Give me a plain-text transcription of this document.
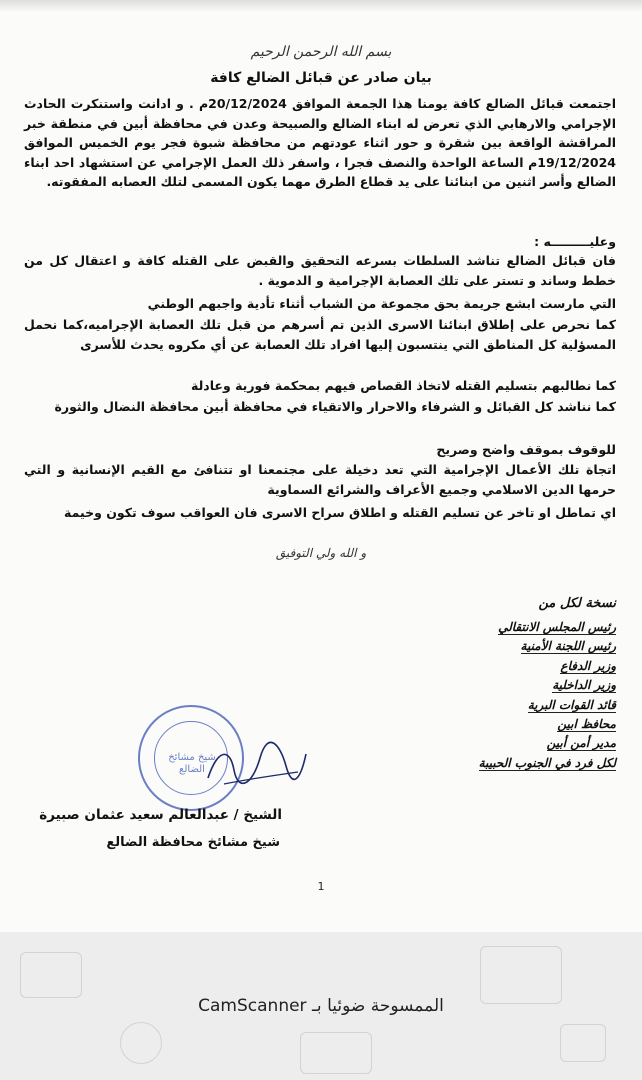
بسم الله الرحمن الرحيم
بيان صادر عن قبائل الضالع كافة
اجتمعت قبائل الضالع كافة يومنا هذا الجمعة الموافق 20/12/2024م . و ادانت واستنكرت الحادث الإجرامي والارهابي الذي تعرض له ابناء الضالع والصبيحة وعدن في محافظة أبين في منطقة خبر المراقشة الواقعة بين شقرة و حور اثناء عودتهم من محافظة شبوة فجر يوم الخميس الموافق 19/12/2024م الساعة الواحدة والنصف فجرا ، واسفر ذلك العمل الإجرامي عن استشهاد احد ابناء الضالع وأسر اثنين من ابنائنا على يد قطاع الطرق مهما يكون المسمى لتلك العصابه المفقوته.
وعليـــــــــه :
فان قبائل الضالع تناشد السلطات بسرعه التحقيق والقبض على القتله كافة و اعتقال كل من خطط وساند و تستر على تلك العصابة الإجرامية و الدموية .
التي مارست ابشع جريمة بحق مجموعة من الشباب أثناء تأدية واجبهم الوطني
كما نحرص على إطلاق ابنائنا الاسرى الذين تم أسرهم من قبل تلك العصابة الإجراميه،كما نحمل المسؤلية كل المناطق التي ينتسبون إليها افراد تلك العصابة عن أي مكروه يحدث للأسرى
كما نطالبهم بتسليم القتله لاتخاذ القصاص فيهم بمحكمة فورية وعادلة
كما نناشد كل القبائل و الشرفاء والاحرار والاتقياء في محافظة أبين محافظة النضال والثورة
للوقوف بموقف واضح وصريح
اتجاة تلك الأعمال الإجرامية التي تعد دخيلة على مجتمعنا او تتنافئ مع القيم الإنسانية و التي حرمها الدين الاسلامي وجميع الأعراف والشرائع السماوية
اي تماطل او تاخر عن تسليم القتله و اطلاق سراح الاسرى فان العواقب سوف تكون وخيمة
و الله ولي التوفيق
نسخة لكل من
رئيس المجلس الانتقالي
رئيس اللجنة الأمنية
وزير الدفاع
وزير الداخلية
قائد القوات البرية
محافظ ابين
مدير أمن أبين
لكل فرد في الجنوب الحبيبة
شيخ مشائخ الضالع
الشيخ / عبدالعالم سعيد عثمان صبيرة
شيخ مشائخ محافظة الضالع
1
الممسوحة ضوئيا بـ CamScanner
